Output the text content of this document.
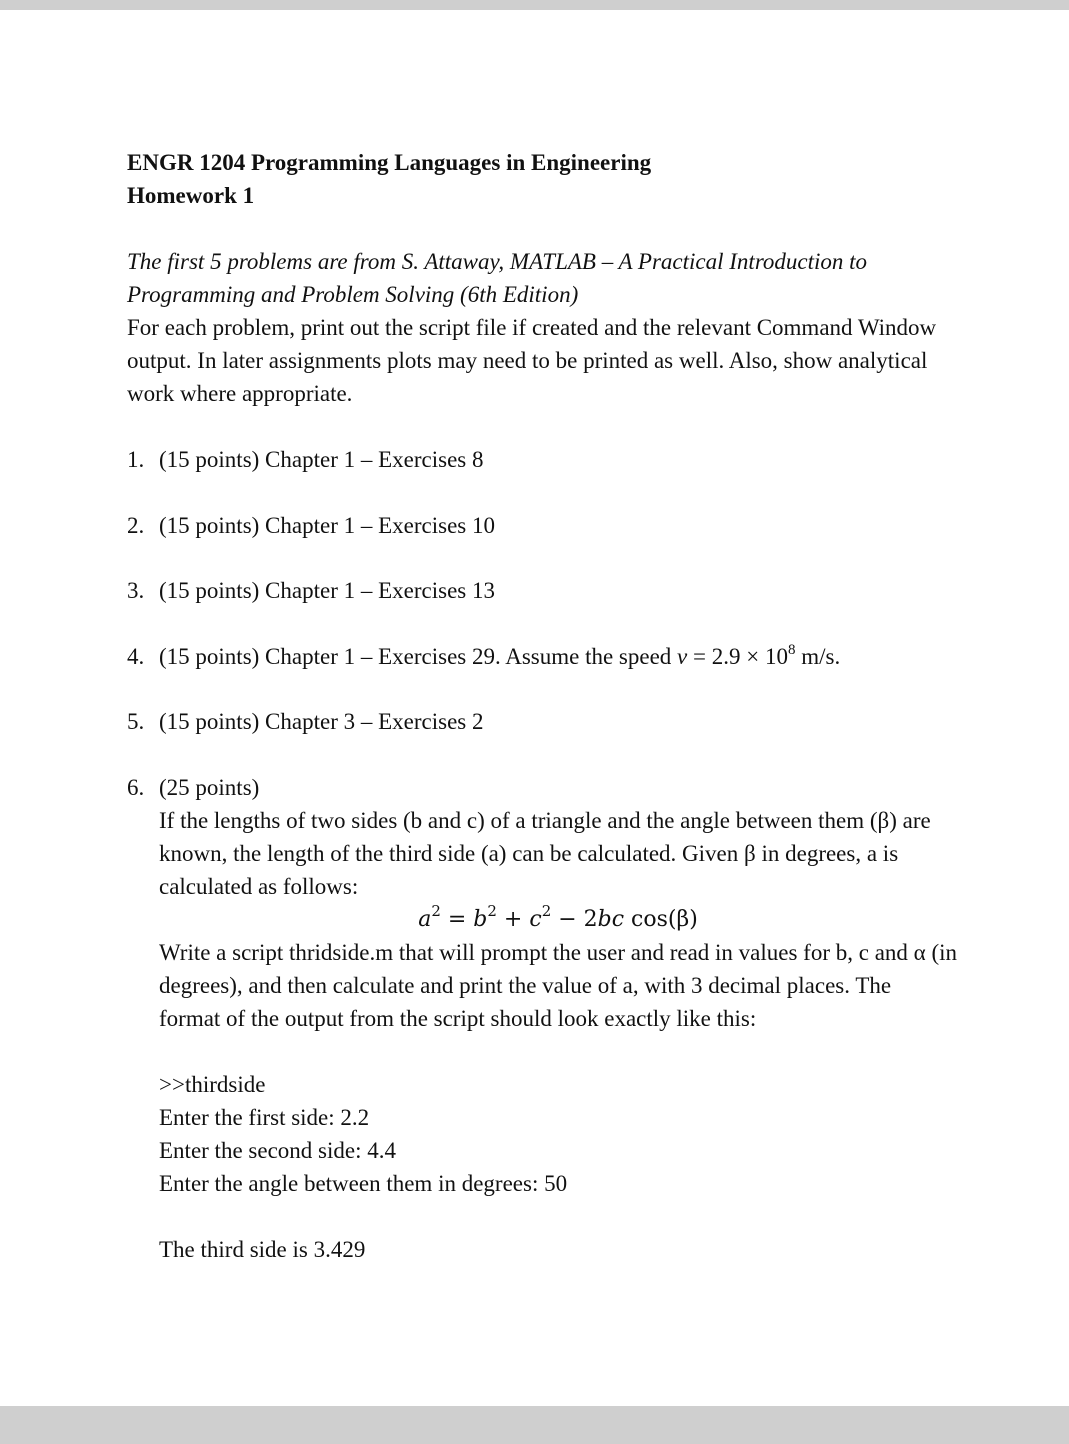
ENGR 1204 Programming Languages in Engineering

Homework 1

The first 5 problems are from S. Attaway, MATLAB – A Practical Introduction to Programming and Problem Solving (6th Edition)

For each problem, print out the script file if created and the relevant Command Window output. In later assignments plots may need to be printed as well. Also, show analytical work where appropriate.

1. (15 points) Chapter 1 – Exercises 8
2. (15 points) Chapter 1 – Exercises 10
3. (15 points) Chapter 1 – Exercises 13
4. (15 points) Chapter 1 – Exercises 29. Assume the speed $v = 2.9 \times 10^8$ m/s.
5. (15 points) Chapter 3 – Exercises 2
6. (25 points)

If the lengths of two sides (b and c) of a triangle and the angle between them (β) are known, the length of the third side (a) can be calculated. Given β in degrees, a is calculated as follows:

$a^2 = b^2 + c^2 - 2bc$ cos(β)

Write a script thridside.m that will prompt the user and read in values for b, c and α (in degrees), and then calculate and print the value of a, with 3 decimal places. The format of the output from the script should look exactly like this:

>>thirdside
Enter the first side: 2.2
Enter the second side: 4.4
Enter the angle between them in degrees: 50
The third side is 3.429
